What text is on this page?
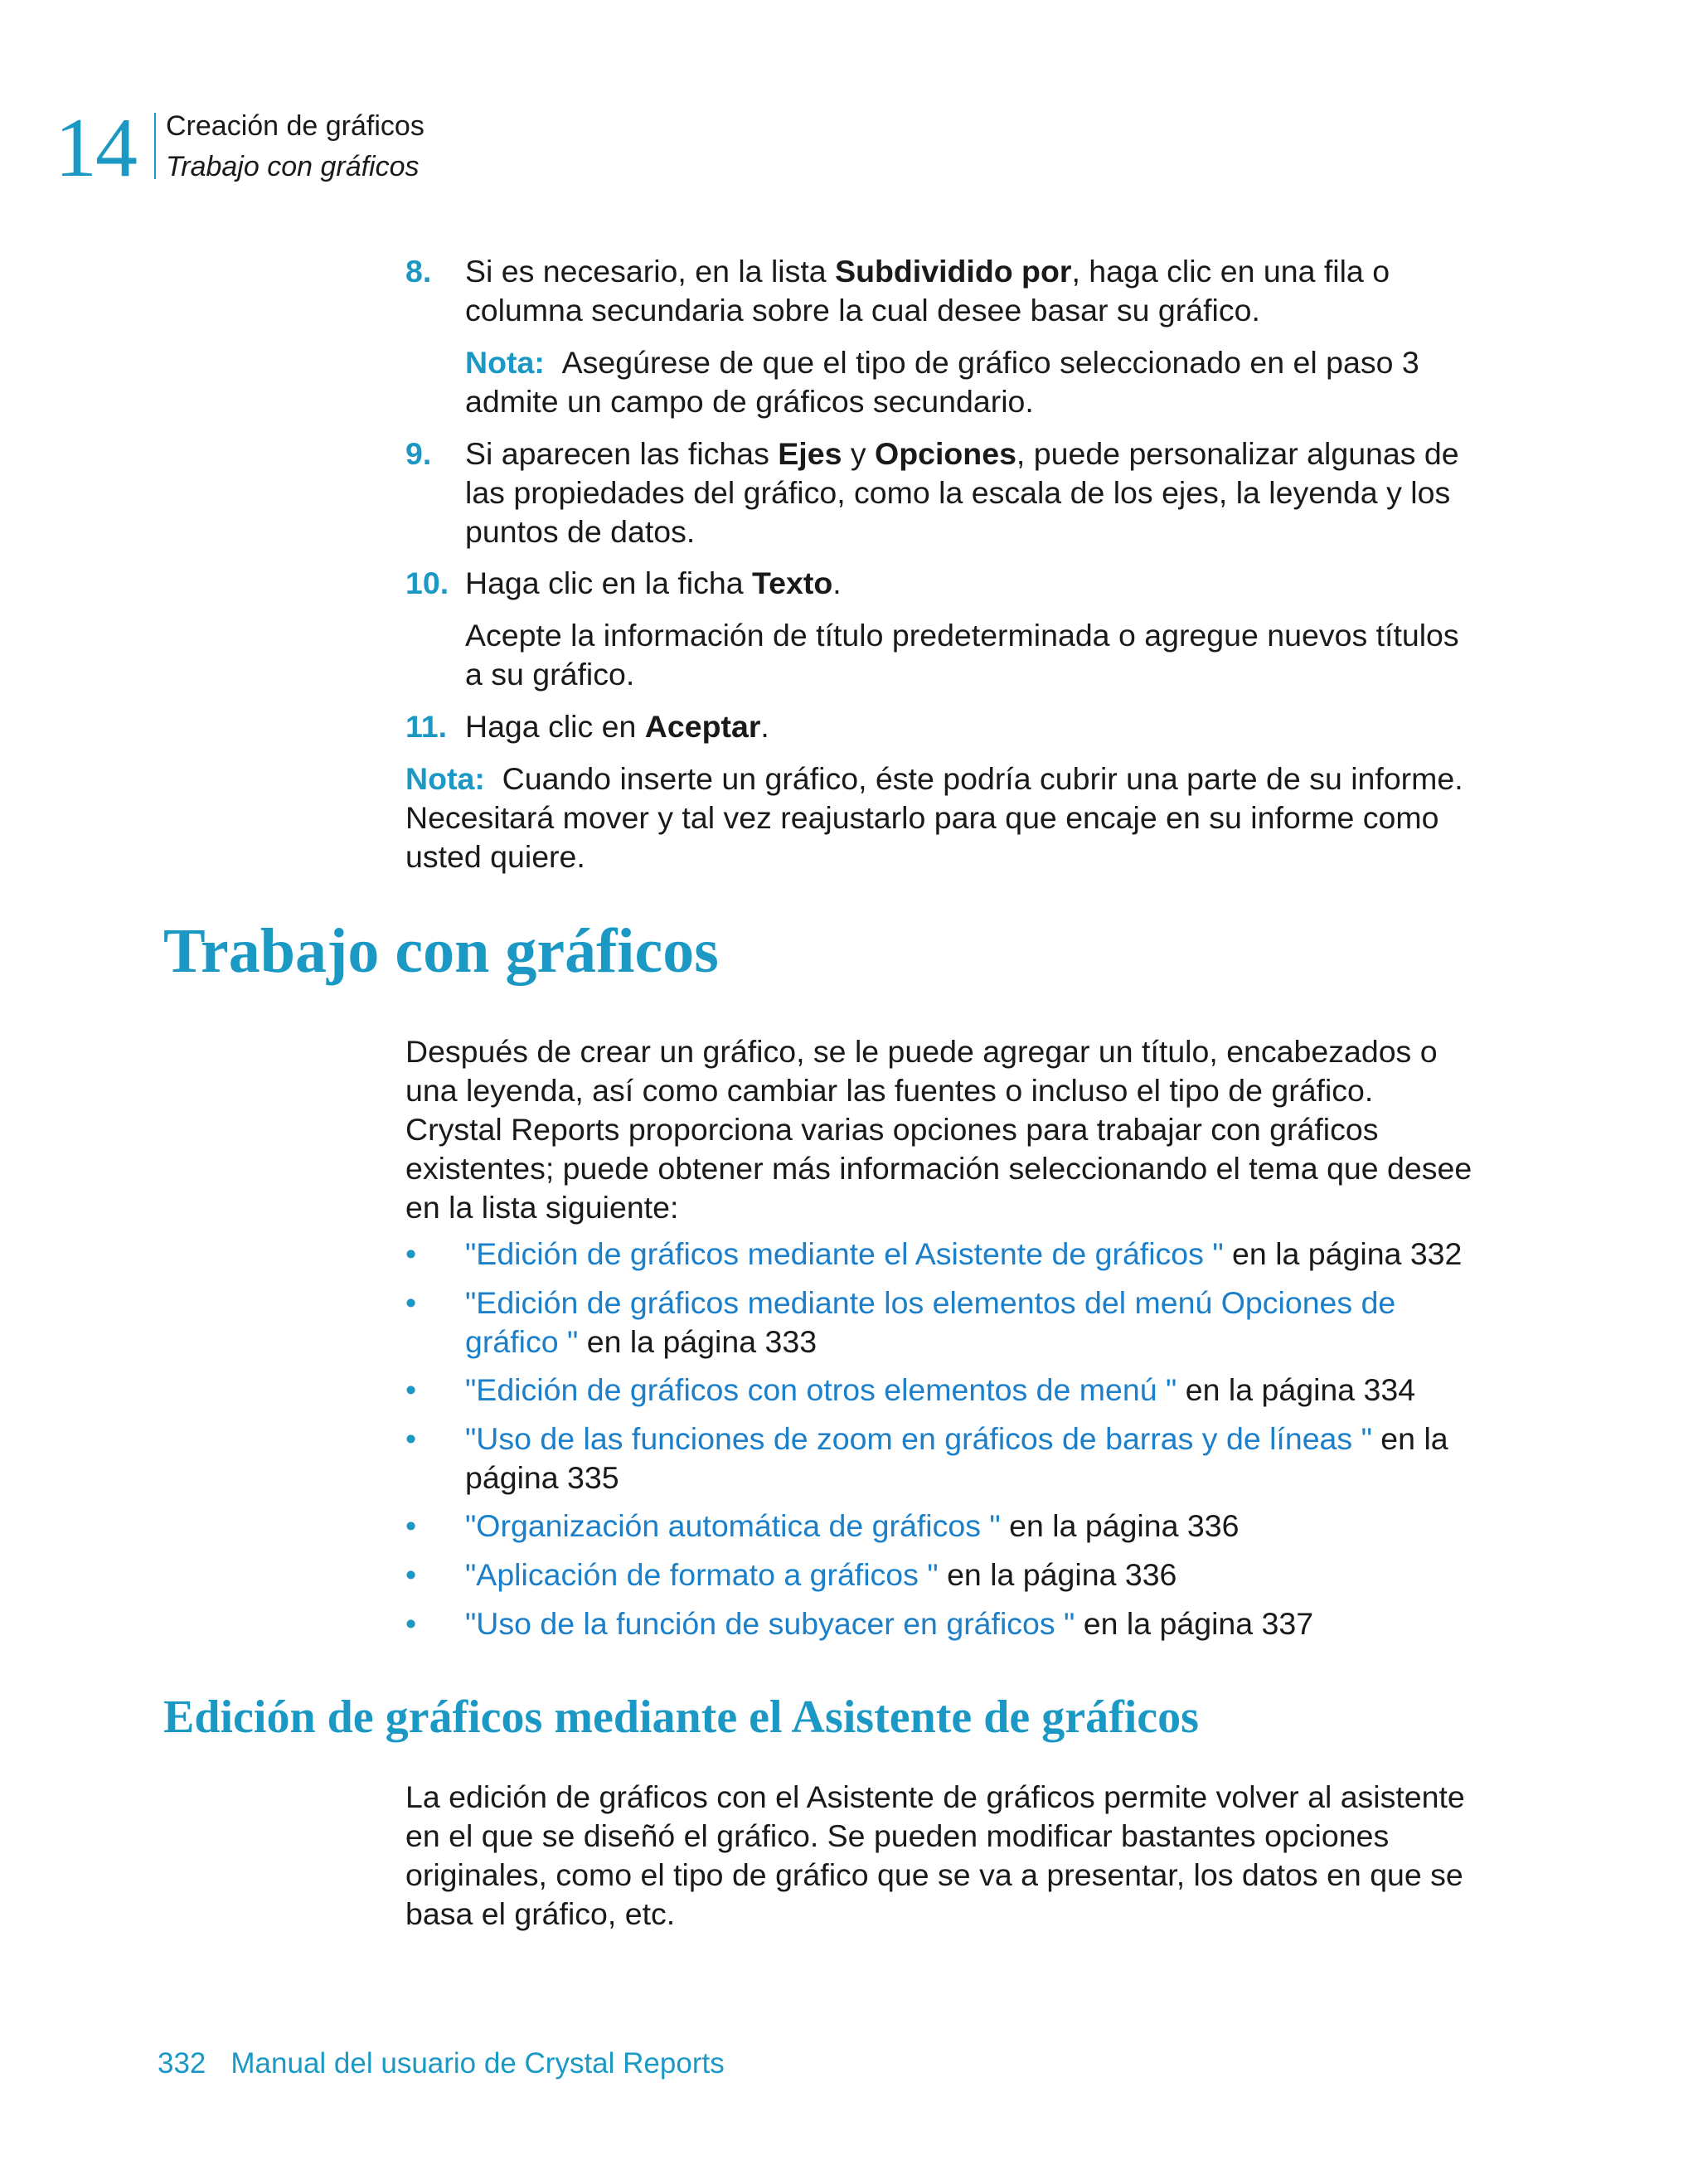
14 Creación de gráficos
Trabajo con gráficos
8. Si es necesario, en la lista Subdividido por, haga clic en una fila o
columna secundaria sobre la cual desee basar su gráfico.
Nota: Asegúrese de que el tipo de gráfico seleccionado en el paso 3
admite un campo de gráficos secundario.
9. Si aparecen las fichas Ejes y Opciones, puede personalizar algunas de
las propiedades del gráfico, como la escala de los ejes, la leyenda y los
puntos de datos.
10. Haga clic en la ficha Texto.
Acepte la información de título predeterminada o agregue nuevos títulos
a su gráfico.
11. Haga clic en Aceptar.
Nota: Cuando inserte un gráfico, éste podría cubrir una parte de su informe.
Necesitará mover y tal vez reajustarlo para que encaje en su informe como
usted quiere.
Trabajo con gráficos
Después de crear un gráfico, se le puede agregar un título, encabezados o
una leyenda, así como cambiar las fuentes o incluso el tipo de gráfico.
Crystal Reports proporciona varias opciones para trabajar con gráficos
existentes; puede obtener más información seleccionando el tema que desee
en la lista siguiente:
• "Edición de gráficos mediante el Asistente de gráficos " en la página 332
• "Edición de gráficos mediante los elementos del menú Opciones de
gráfico " en la página 333
• "Edición de gráficos con otros elementos de menú " en la página 334
• "Uso de las funciones de zoom en gráficos de barras y de líneas " en la
página 335
• "Organización automática de gráficos " en la página 336
• "Aplicación de formato a gráficos " en la página 336
• "Uso de la función de subyacer en gráficos " en la página 337
Edición de gráficos mediante el Asistente de gráficos
La edición de gráficos con el Asistente de gráficos permite volver al asistente
en el que se diseñó el gráfico. Se pueden modificar bastantes opciones
originales, como el tipo de gráfico que se va a presentar, los datos en que se
basa el gráfico, etc.
332 Manual del usuario de Crystal Reports
